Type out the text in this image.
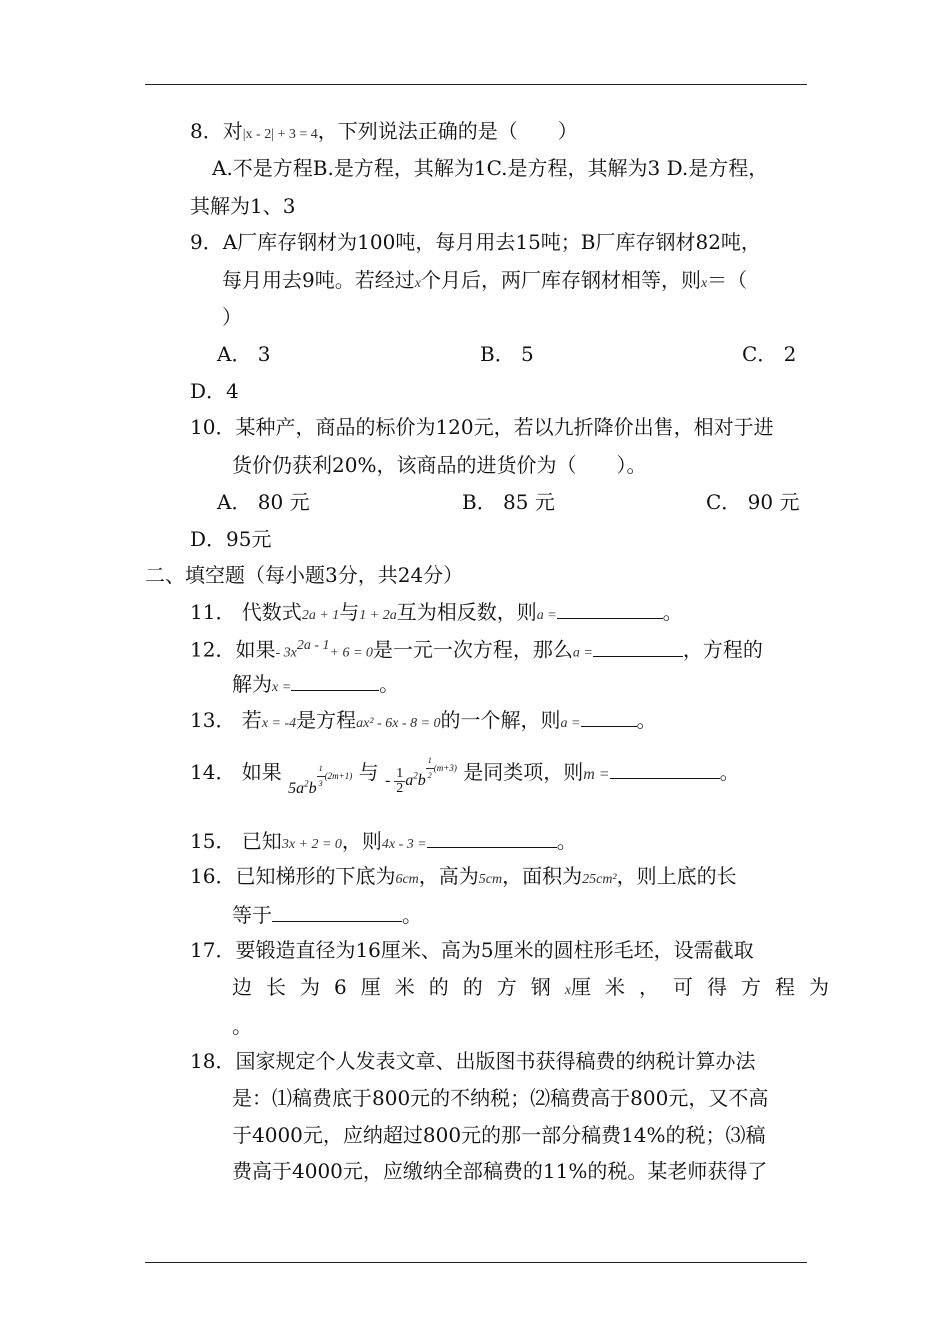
8．对|x - 2| + 3 = 4，下列说法正确的是（　　）
A.不是方程B.是方程，其解为1C.是方程，其解为3 D.是方程，
其解为1、3
9．A厂库存钢材为100吨，每月用去15吨；B厂库存钢材82吨，
每月用去9吨。若经过x个月后，两厂库存钢材相等，则x＝（
）
A． 3	B． 5	C． 2
D．4
10．某种产，商品的标价为120元，若以九折降价出售，相对于进
货价仍获利20%，该商品的进货价为（　　）。
A． 80 元	B． 85 元	C． 90 元
D．95元
二、填空题（每小题3分，共24分）
11． 代数式2a + 1与1 + 2a互为相反数，则a =	。
12．如果- $3x^{2a - 1}+ 6 = 0$是一元一次方程，那么a =	，方程的
解为x =	。
13． 若x = -4是方程ax² - 6x - 8 = 0的一个解，则a =	。
14． 如果 $5a^2b$ $^{\frac{1}{3} (2m+1)}$ 与 - $\frac{1}{2} a^2b$ $^{\frac{1}{2} (m+3)}$ 是同类项，则m =	。
15． 已知3x + 2 = 0，则4x - 3 =	。
16．已知梯形的下底为6cm，高为5cm，面积为25cm²，则上底的长
等于	。
17．要锻造直径为16厘米、高为5厘米的圆柱形毛坯，设需截取
边长为6厘米的的方钢x厘米，可得方程为
。
18．国家规定个人发表文章、出版图书获得稿费的纳税计算办法
是：⑴稿费底于800元的不纳税；⑵稿费高于800元，又不高
于4000元，应纳超过800元的那一部分稿费14%的税；⑶稿
费高于4000元，应缴纳全部稿费的11%的税。某老师获得了
